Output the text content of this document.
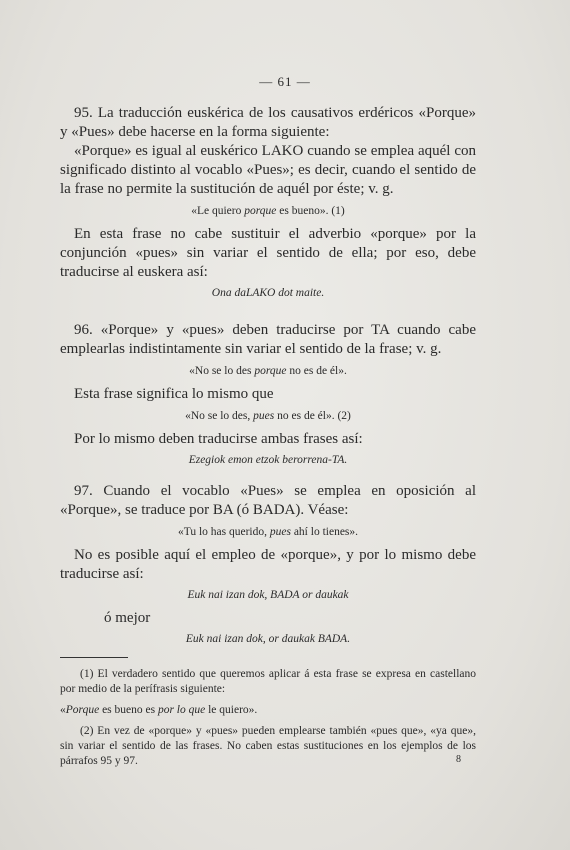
— 61 —

95. La traducción euskérica de los causativos erdéricos «Porque» y «Pues» debe hacerse en la forma siguiente:

«Porque» es igual al euskérico LAKO cuando se emplea aquél con significado distinto al vocablo «Pues»; es decir, cuando el sentido de la frase no permite la sustitución de aquél por éste; v. g.

«Le quiero porque es bueno». (1)

En esta frase no cabe sustituir el adverbio «porque» por la conjunción «pues» sin variar el sentido de ella; por eso, debe traducirse al euskera así:

Ona daLAKO dot maite.

96. «Porque» y «pues» deben traducirse por TA cuando cabe emplearlas indistintamente sin variar el sentido de la frase; v. g.

«No se lo des porque no es de él».

Esta frase significa lo mismo que

«No se lo des, pues no es de él». (2)

Por lo mismo deben traducirse ambas frases así:

Ezegiok emon etzok berorrena-TA.

97. Cuando el vocablo «Pues» se emplea en oposición al «Porque», se traduce por BA (ó BADA). Véase:

«Tu lo has querido, pues ahí lo tienes».

No es posible aquí el empleo de «porque», y por lo mismo debe traducirse así:

Euk nai izan dok, BADA or daukak

ó mejor

Euk nai izan dok, or daukak BADA.

(1) El verdadero sentido que queremos aplicar á esta frase se expresa en castellano por medio de la perífrasis siguiente:

«Porque es bueno es por lo que le quiero».

(2) En vez de «porque» y «pues» pueden emplearse también «pues que», «ya que», sin variar el sentido de las frases. No caben estas sustituciones en los ejemplos de los párrafos 95 y 97.	8
